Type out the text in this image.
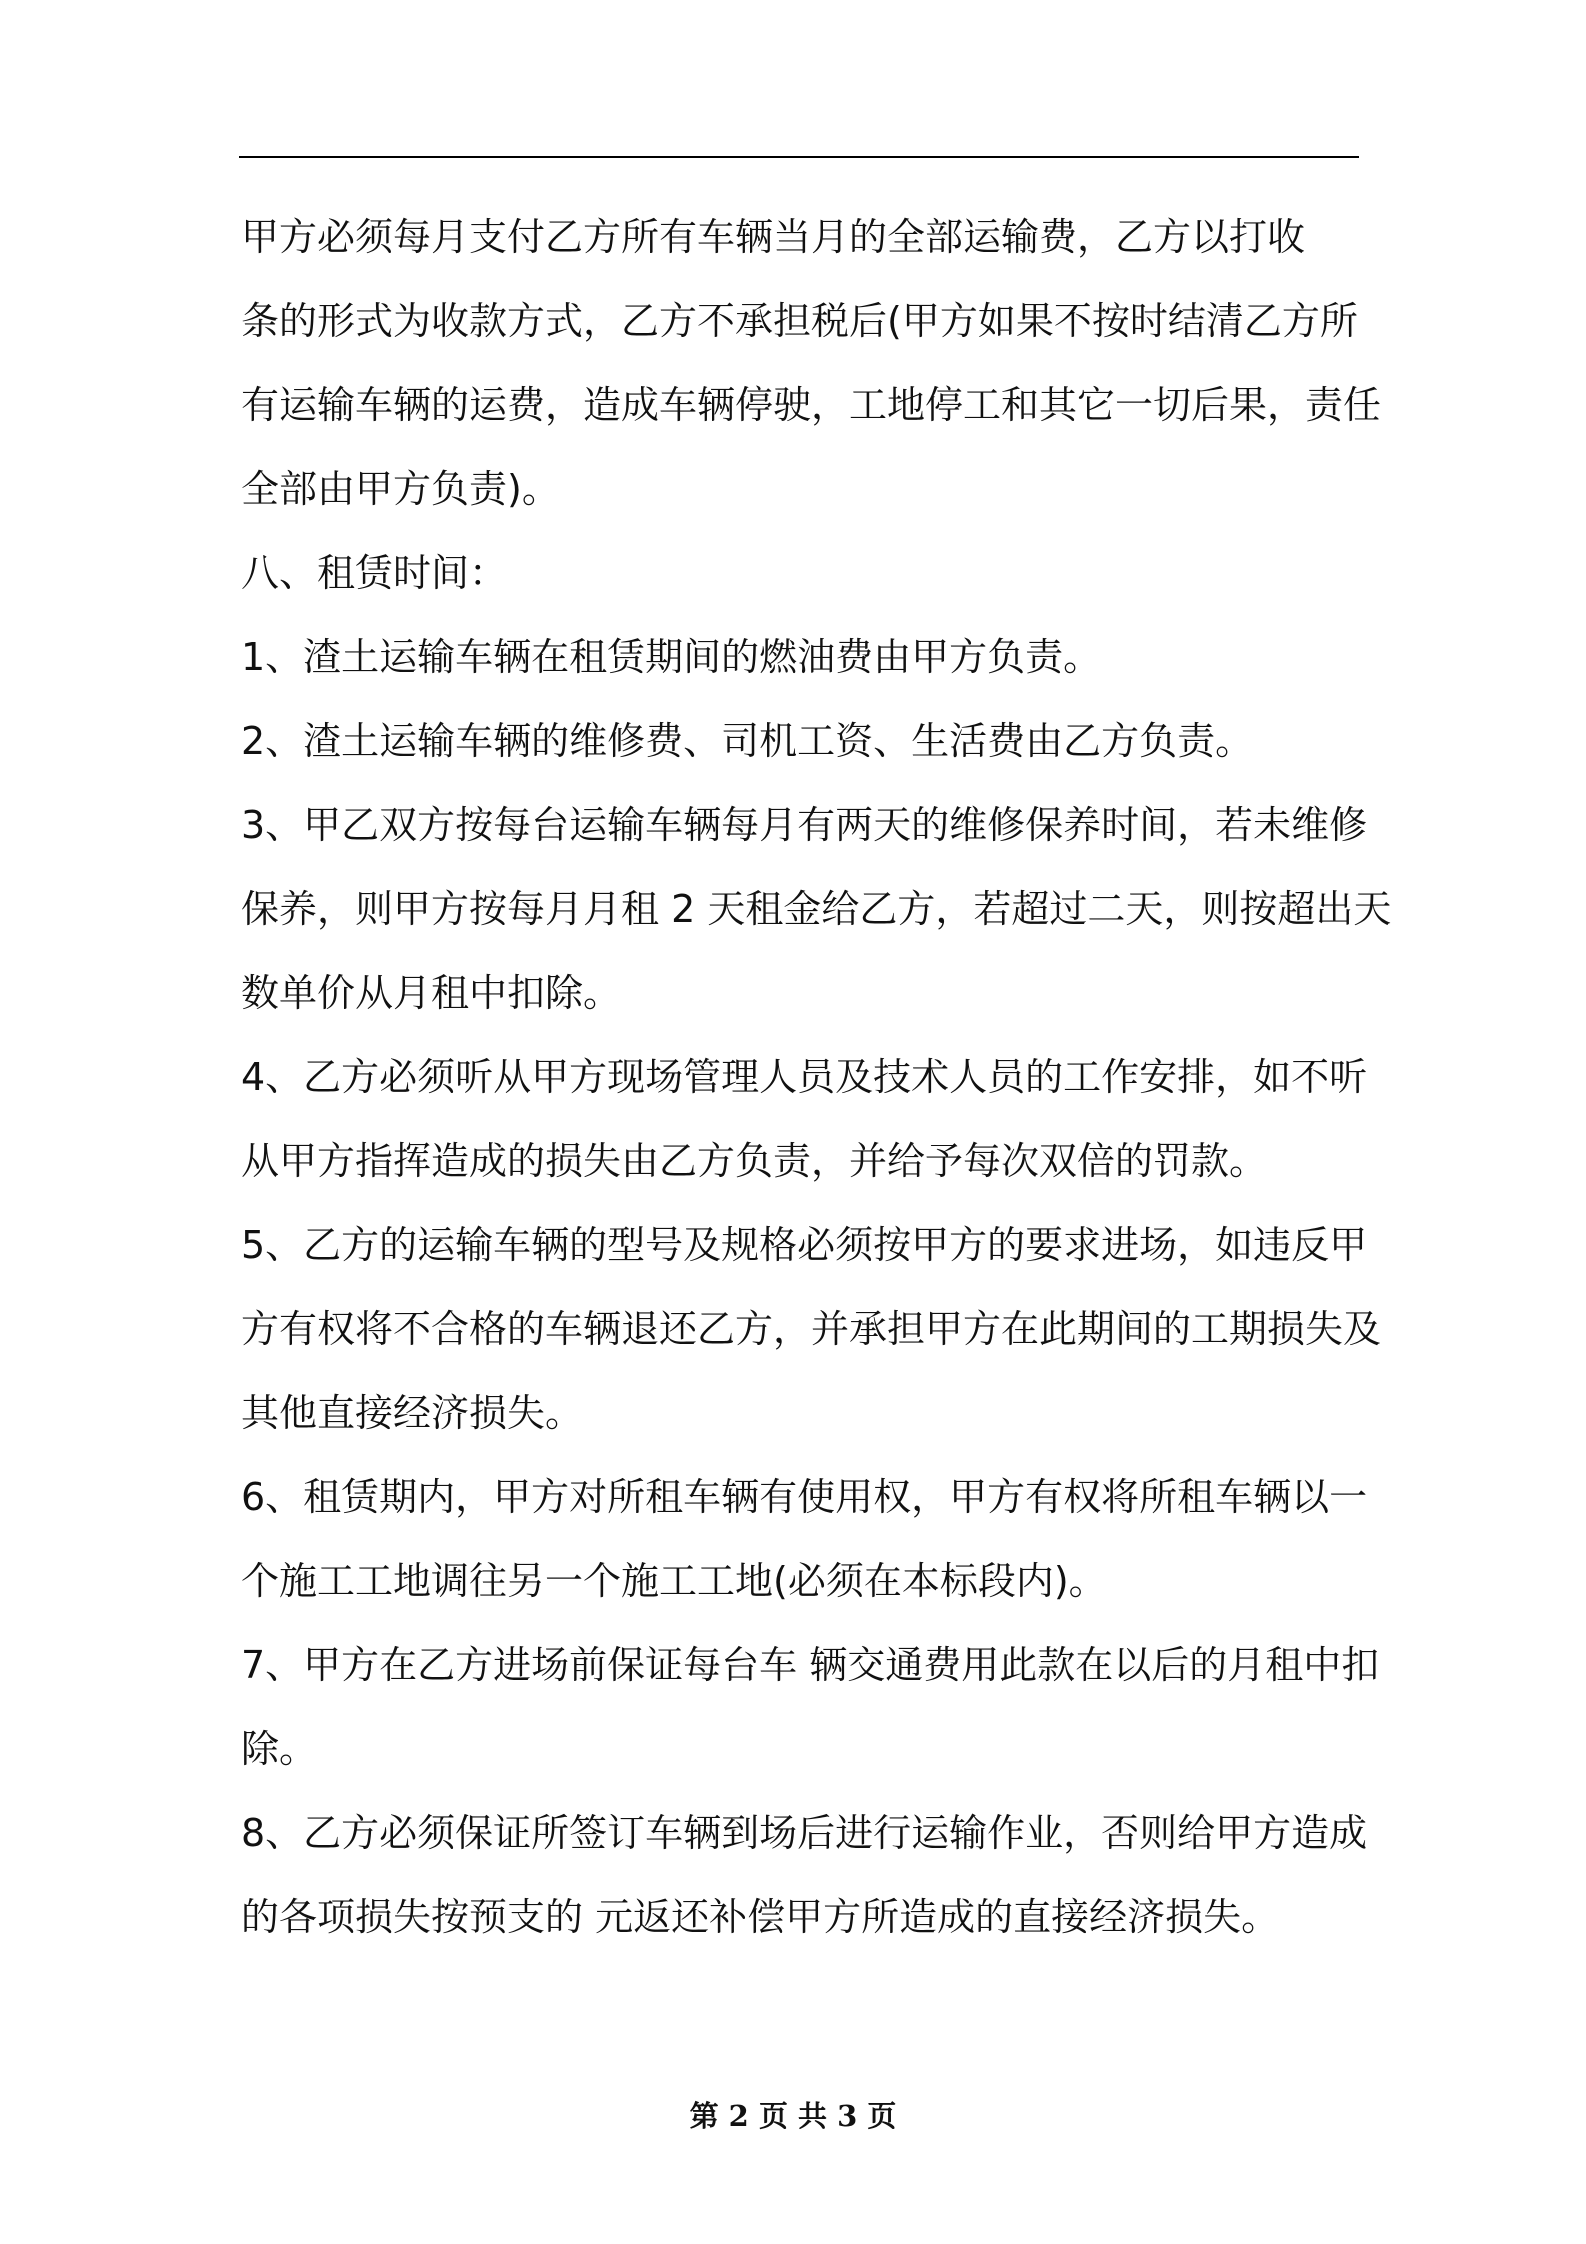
甲方必须每月支付乙方所有车辆当月的全部运输费，乙方以打收
条的形式为收款方式，乙方不承担税后(甲方如果不按时结清乙方所
有运输车辆的运费，造成车辆停驶，工地停工和其它一切后果，责任
全部由甲方负责)。
八、租赁时间：
1、渣土运输车辆在租赁期间的燃油费由甲方负责。
2、渣土运输车辆的维修费、司机工资、生活费由乙方负责。
3、甲乙双方按每台运输车辆每月有两天的维修保养时间，若未维修
保养，则甲方按每月月租 2 天租金给乙方，若超过二天，则按超出天
数单价从月租中扣除。
4、乙方必须听从甲方现场管理人员及技术人员的工作安排，如不听
从甲方指挥造成的损失由乙方负责，并给予每次双倍的罚款。
5、乙方的运输车辆的型号及规格必须按甲方的要求进场，如违反甲
方有权将不合格的车辆退还乙方，并承担甲方在此期间的工期损失及
其他直接经济损失。
6、租赁期内，甲方对所租车辆有使用权，甲方有权将所租车辆以一
个施工工地调往另一个施工工地(必须在本标段内)。
7、甲方在乙方进场前保证每台车 辆交通费用此款在以后的月租中扣
除。
8、乙方必须保证所签订车辆到场后进行运输作业，否则给甲方造成
的各项损失按预支的 元返还补偿甲方所造成的直接经济损失。
第 2 页 共 3 页
